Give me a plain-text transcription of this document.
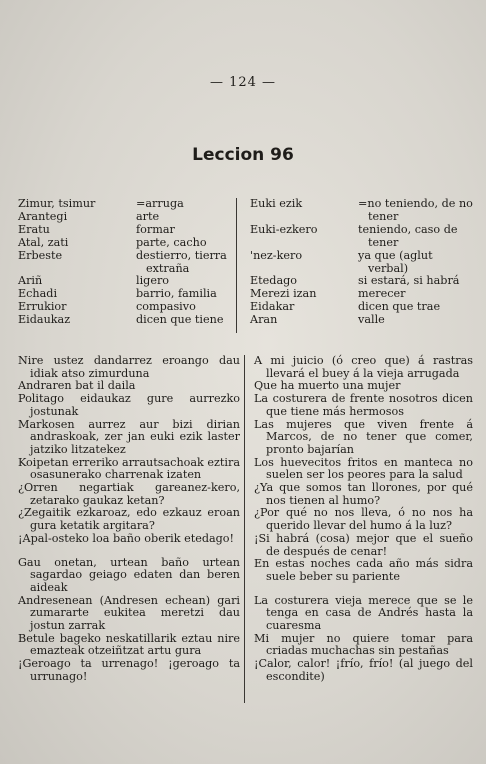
— 124 —
Leccion 96
Zimur, tsimur	=arruga
Arantegi	arte
Eratu	formar
Atal, zati	parte, cacho
Erbeste	destierro, tierra extraña
Ariñ	ligero
Echadi	barrio, familia
Errukior	compasivo
Eidaukaz	dicen que tiene
Euki ezik	=no teniendo, de no tener
Euki-ezkero	teniendo, caso de tener
'nez-kero	ya que (aglut verbal)
Etedago	si estará, si habrá
Merezi izan	merecer
Eidakar	dicen que trae
Aran	valle
Nire ustez dandarrez eroango dau idiak atso zimurduna
Andraren bat il daila
Politago eidaukaz gure aurrezko jostunak
Markosen aurrez aur bizi dirian andraskoak, zer jan euki ezik laster jatziko litzatekez
Koipetan erreriko arrautsachoak eztira osasunerako charrenak izaten
¿Orren negartiak gareanez-kero, zetarako gaukaz ketan?
¿Zegaitik ezkaroaz, edo ezkauz eroan gura ketatik argitara?
¡Apal-osteko loa baño oberik etedago!
Gau onetan, urtean baño urtean sagardao geiago edaten dan beren aideak
Andresenean (Andresen echean) gari zumararte eukitea meretzi dau jostun zarrak
Betule bageko neskatillarik eztau nire emazteak otzeiñtzat artu gura
¡Geroago ta urrenago! ¡geroago ta urrunago!
A mi juicio (ó creo que) á rastras llevará el buey á la vieja arrugada
Que ha muerto una mujer
La costurera de frente nosotros dicen que tiene más hermosos
Las mujeres que viven frente á Marcos, de no tener que comer, pronto bajarían
Los huevecitos fritos en manteca no suelen ser los peores para la salud
¿Ya que somos tan llorones, por qué nos tienen al humo?
¿Por qué no nos lleva, ó no nos ha querido llevar del humo á la luz?
¡Si habrá (cosa) mejor que el sueño de después de cenar!
En estas noches cada año más sidra suele beber su pariente
La costurera vieja merece que se le tenga en casa de Andrés hasta la cuaresma
Mi mujer no quiere tomar para criadas muchachas sin pestañas
¡Calor, calor! ¡frío, frío! (al juego del escondite)
